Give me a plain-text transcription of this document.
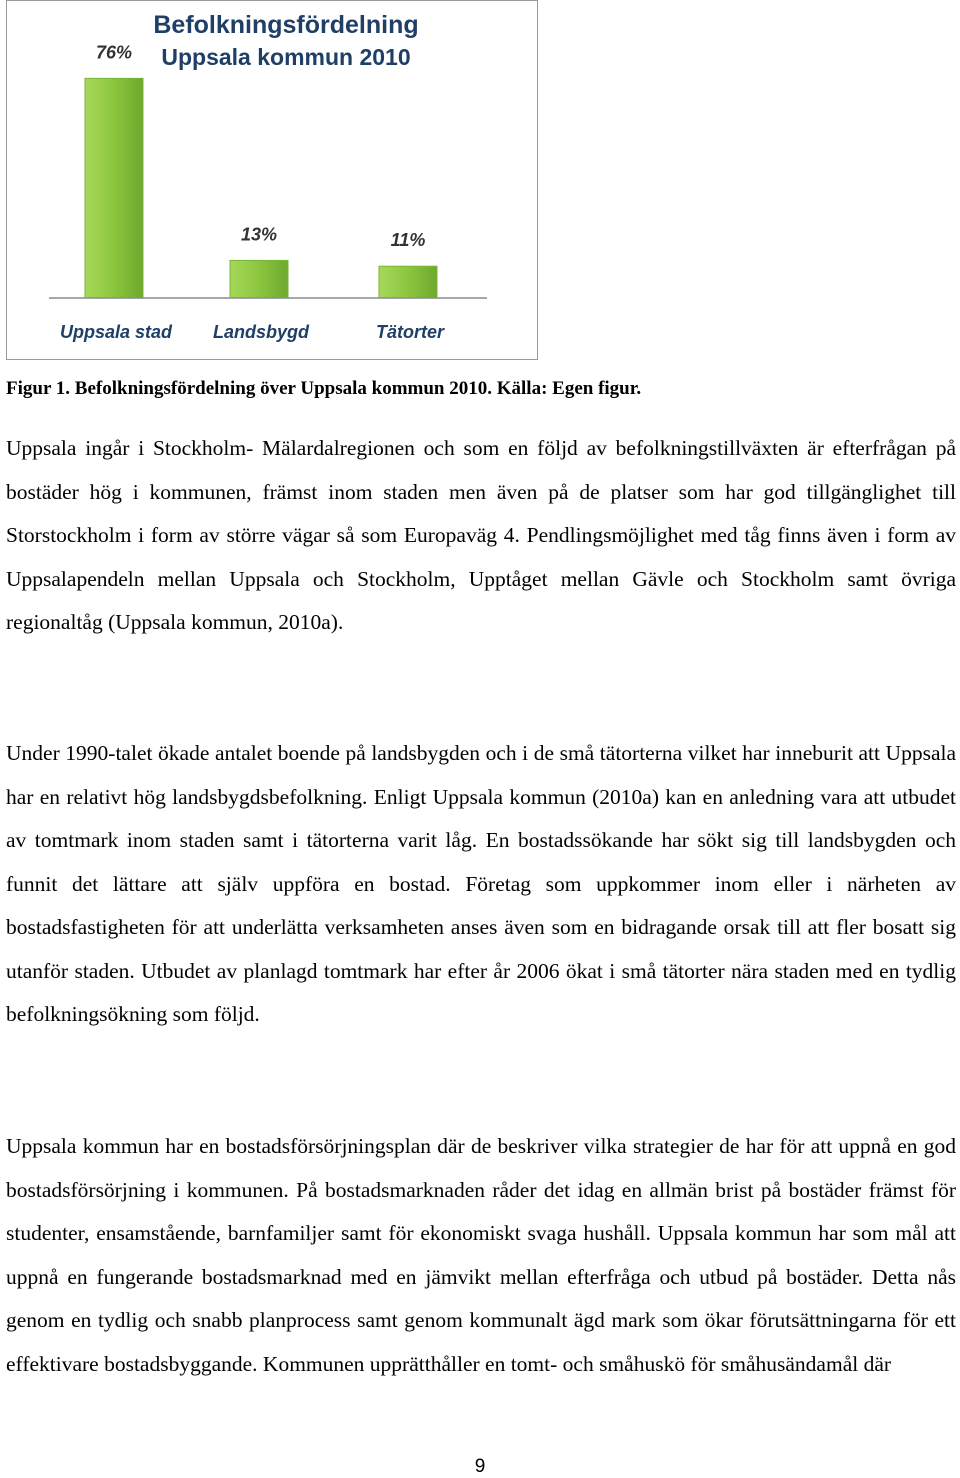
Befolkningsfördelning
Uppsala kommun 2010
76%
Uppsala stad
13%
Landsbygd
11%
Tätorter

Figur 1. Befolkningsfördelning över Uppsala kommun 2010. Källa: Egen figur.

Uppsala ingår i Stockholm- Mälardalregionen och som en följd av befolkningstillväxten är efterfrågan på bostäder hög i kommunen, främst inom staden men även på de platser som har god tillgänglighet till Storstockholm i form av större vägar så som Europaväg 4. Pendlingsmöjlighet med tåg finns även i form av Uppsalapendeln mellan Uppsala och Stockholm, Upptåget mellan Gävle och Stockholm samt övriga regionaltåg (Uppsala kommun, 2010a).

Under 1990-talet ökade antalet boende på landsbygden och i de små tätorterna vilket har inneburit att Uppsala har en relativt hög landsbygdsbefolkning. Enligt Uppsala kommun (2010a) kan en anledning vara att utbudet av tomtmark inom staden samt i tätorterna varit låg. En bostadssökande har sökt sig till landsbygden och funnit det lättare att själv uppföra en bostad. Företag som uppkommer inom eller i närheten av bostadsfastigheten för att underlätta verksamheten anses även som en bidragande orsak till att fler bosatt sig utanför staden. Utbudet av planlagd tomtmark har efter år 2006 ökat i små tätorter nära staden med en tydlig befolkningsökning som följd.

Uppsala kommun har en bostadsförsörjningsplan där de beskriver vilka strategier de har för att uppnå en god bostadsförsörjning i kommunen. På bostadsmarknaden råder det idag en allmän brist på bostäder främst för studenter, ensamstående, barnfamiljer samt för ekonomiskt svaga hushåll. Uppsala kommun har som mål att uppnå en fungerande bostadsmarknad med en jämvikt mellan efterfråga och utbud på bostäder. Detta nås genom en tydlig och snabb planprocess samt genom kommunalt ägd mark som ökar förutsättningarna för ett effektivare bostadsbyggande. Kommunen upprätthåller en tomt- och småhuskö för småhusändamål där

9
